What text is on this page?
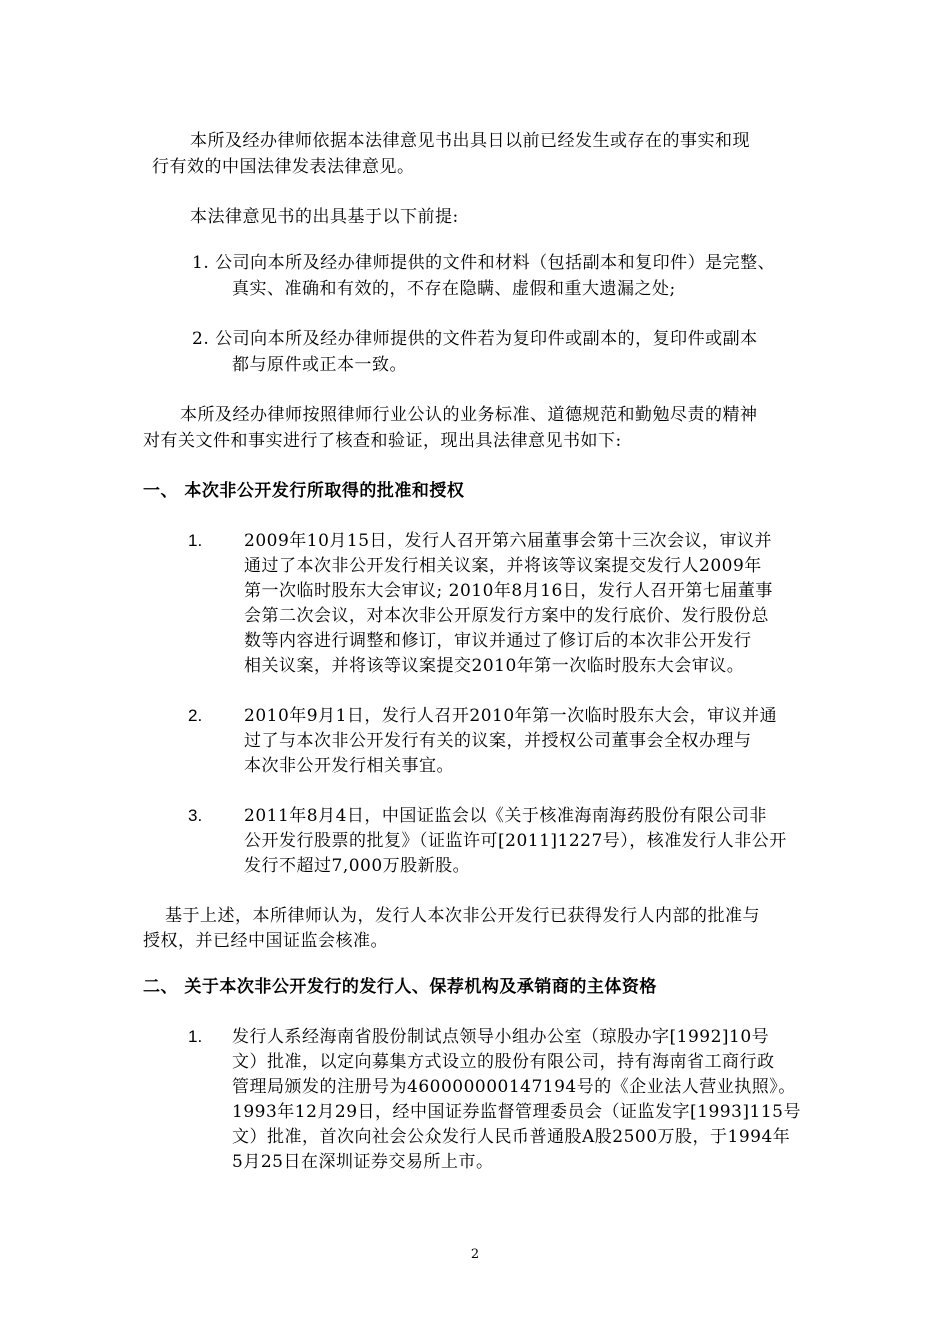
本所及经办律师依据本法律意见书出具日以前已经发生或存在的事实和现
行有效的中国法律发表法律意见。
本法律意见书的出具基于以下前提:
1. 公司向本所及经办律师提供的文件和材料（包括副本和复印件）是完整、
真实、准确和有效的，不存在隐瞒、虚假和重大遗漏之处;
2. 公司向本所及经办律师提供的文件若为复印件或副本的，复印件或副本
都与原件或正本一致。
本所及经办律师按照律师行业公认的业务标准、道德规范和勤勉尽责的精神
对有关文件和事实进行了核查和验证，现出具法律意见书如下:
一、 本次非公开发行所取得的批准和授权
1. 2009年10月15日，发行人召开第六届董事会第十三次会议，审议并
通过了本次非公开发行相关议案，并将该等议案提交发行人2009年
第一次临时股东大会审议; 2010年8月16日，发行人召开第七届董事
会第二次会议，对本次非公开原发行方案中的发行底价、发行股份总
数等内容进行调整和修订，审议并通过了修订后的本次非公开发行
相关议案，并将该等议案提交2010年第一次临时股东大会审议。
2. 2010年9月1日，发行人召开2010年第一次临时股东大会，审议并通
过了与本次非公开发行有关的议案，并授权公司董事会全权办理与
本次非公开发行相关事宜。
3. 2011年8月4日，中国证监会以《关于核准海南海药股份有限公司非
公开发行股票的批复》（证监许可[2011]1227号），核准发行人非公开
发行不超过7,000万股新股。
基于上述，本所律师认为，发行人本次非公开发行已获得发行人内部的批准与
授权，并已经中国证监会核准。
二、 关于本次非公开发行的发行人、保荐机构及承销商的主体资格
1. 发行人系经海南省股份制试点领导小组办公室（琼股办字[1992]10号
文）批准，以定向募集方式设立的股份有限公司，持有海南省工商行政
管理局颁发的注册号为460000000147194号的《企业法人营业执照》。
1993年12月29日，经中国证券监督管理委员会（证监发字[1993]115号
文）批准，首次向社会公众发行人民币普通股A股2500万股，于1994年
5月25日在深圳证券交易所上市。
2
